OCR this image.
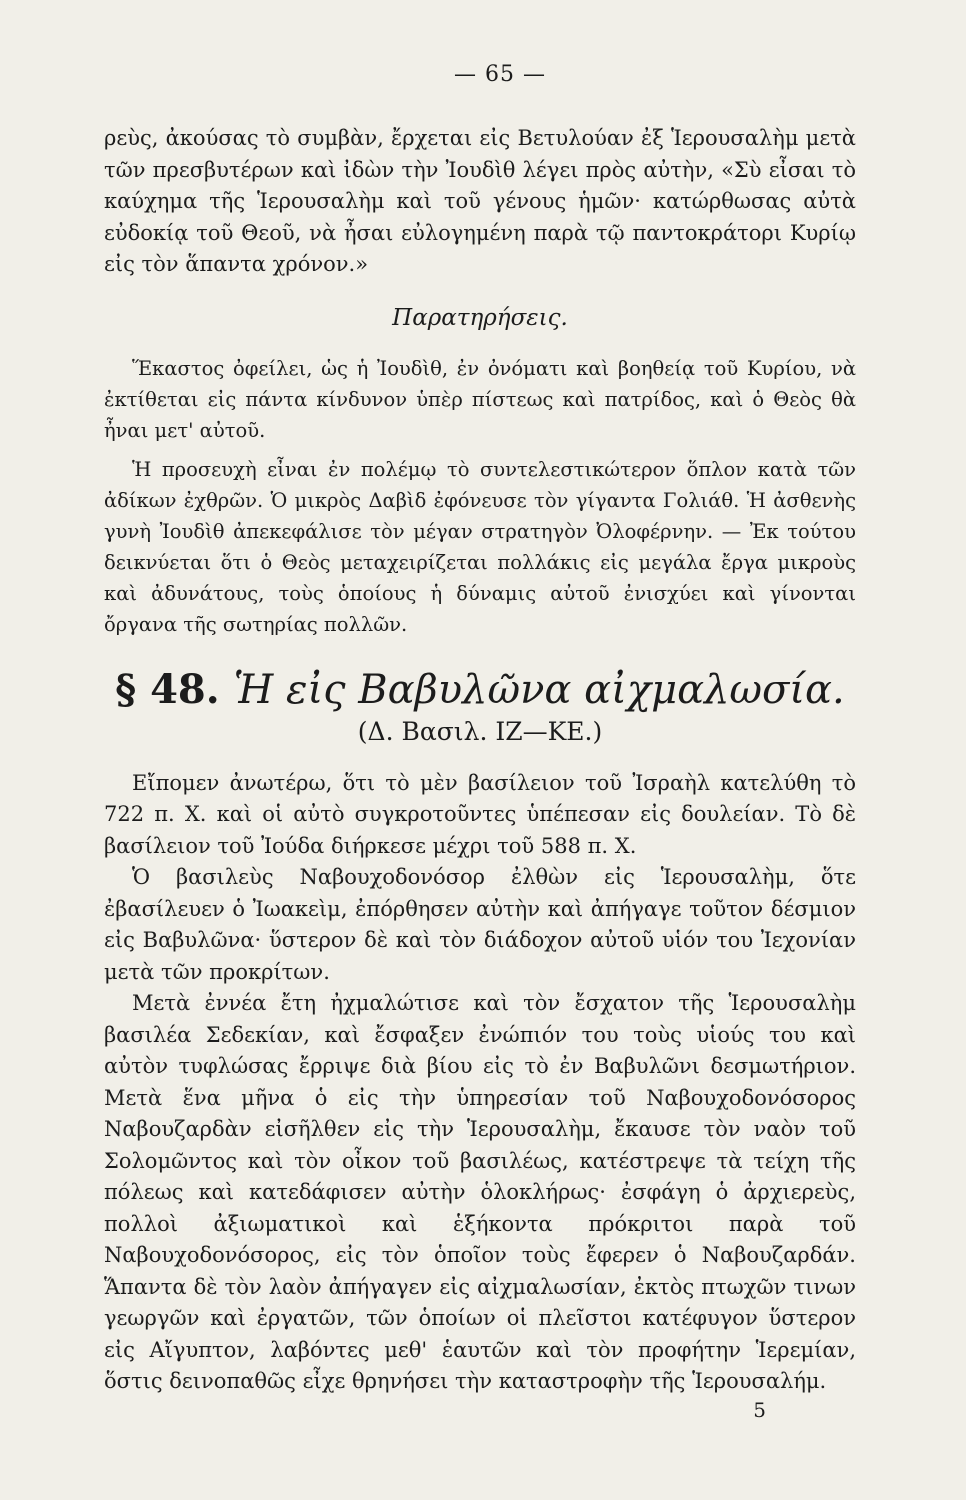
— 65 —

ρεὺς, ἀκούσας τὸ συμβὰν, ἔρχεται εἰς Βετυλούαν ἐξ Ἱερουσαλὴμ μετὰ τῶν πρεσβυτέρων καὶ ἰδὼν τὴν Ἰουδὶθ λέγει πρὸς αὐτὴν, «Σὺ εἶσαι τὸ καύχημα τῆς Ἱερουσαλὴμ καὶ τοῦ γένους ἡμῶν· κατώρθωσας αὐτὰ εὐδοκίᾳ τοῦ Θεοῦ, νὰ ἦσαι εὐλογημένη παρὰ τῷ παντοκράτορι Κυρίῳ εἰς τὸν ἅπαντα χρόνον.»

Παρατηρήσεις.

Ἕκαστος ὀφείλει, ὡς ἡ Ἰουδὶθ, ἐν ὀνόματι καὶ βοηθείᾳ τοῦ Κυρίου, νὰ ἐκτίθεται εἰς πάντα κίνδυνον ὑπὲρ πίστεως καὶ πατρίδος, καὶ ὁ Θεὸς θὰ ἦναι μετ' αὐτοῦ.

Ἡ προσευχὴ εἶναι ἐν πολέμῳ τὸ συντελεστικώτερον ὅπλον κατὰ τῶν ἀδίκων ἐχθρῶν. Ὁ μικρὸς Δαβὶδ ἐφόνευσε τὸν γίγαντα Γολιάθ. Ἡ ἀσθενὴς γυνὴ Ἰουδὶθ ἀπεκεφάλισε τὸν μέγαν στρατηγὸν Ὀλοφέρνην. — Ἐκ τούτου δεικνύεται ὅτι ὁ Θεὸς μεταχειρίζεται πολλάκις εἰς μεγάλα ἔργα μικροὺς καὶ ἀδυνάτους, τοὺς ὁποίους ἡ δύναμις αὐτοῦ ἐνισχύει καὶ γίνονται ὄργανα τῆς σωτηρίας πολλῶν.

§ 48. Ἡ εἰς Βαβυλῶνα αἰχμαλωσία.
(Δ. Βασιλ. ΙΖ—ΚΕ.)

Εἴπομεν ἀνωτέρω, ὅτι τὸ μὲν βασίλειον τοῦ Ἰσραὴλ κατελύθη τὸ 722 π. Χ. καὶ οἱ αὐτὸ συγκροτοῦντες ὑπέπεσαν εἰς δουλείαν. Τὸ δὲ βασίλειον τοῦ Ἰούδα διήρκεσε μέχρι τοῦ 588 π. Χ.

Ὁ βασιλεὺς Ναβουχοδονόσορ ἐλθὼν εἰς Ἱερουσαλὴμ, ὅτε ἐβασίλευεν ὁ Ἰωακεὶμ, ἐπόρθησεν αὐτὴν καὶ ἀπήγαγε τοῦτον δέσμιον εἰς Βαβυλῶνα· ὕστερον δὲ καὶ τὸν διάδοχον αὐτοῦ υἱόν του Ἰεχονίαν μετὰ τῶν προκρίτων.

Μετὰ ἐννέα ἔτη ἠχμαλώτισε καὶ τὸν ἔσχατον τῆς Ἱερουσαλὴμ βασιλέα Σεδεκίαν, καὶ ἔσφαξεν ἐνώπιόν του τοὺς υἱούς του καὶ αὐτὸν τυφλώσας ἔρριψε διὰ βίου εἰς τὸ ἐν Βαβυλῶνι δεσμωτήριον. Μετὰ ἕνα μῆνα ὁ εἰς τὴν ὑπηρεσίαν τοῦ Ναβουχοδονόσορος Ναβουζαρδὰν εἰσῆλθεν εἰς τὴν Ἱερουσαλὴμ, ἔκαυσε τὸν ναὸν τοῦ Σολομῶντος καὶ τὸν οἶκον τοῦ βασιλέως, κατέστρεψε τὰ τείχη τῆς πόλεως καὶ κατεδάφισεν αὐτὴν ὁλοκλήρως· ἐσφάγη ὁ ἀρχιερεὺς, πολλοὶ ἀξιωματικοὶ καὶ ἑξήκοντα πρόκριτοι παρὰ τοῦ Ναβουχοδονόσορος, εἰς τὸν ὁποῖον τοὺς ἔφερεν ὁ Ναβουζαρδάν. Ἅπαντα δὲ τὸν λαὸν ἀπήγαγεν εἰς αἰχμαλωσίαν, ἐκτὸς πτωχῶν τινων γεωργῶν καὶ ἐργατῶν, τῶν ὁποίων οἱ πλεῖστοι κατέφυγον ὕστερον εἰς Αἴγυπτον, λαβόντες μεθ' ἑαυτῶν καὶ τὸν προφήτην Ἱερεμίαν, ὅστις δεινοπαθῶς εἶχε θρηνήσει τὴν καταστροφὴν τῆς Ἱερουσαλήμ.

5
